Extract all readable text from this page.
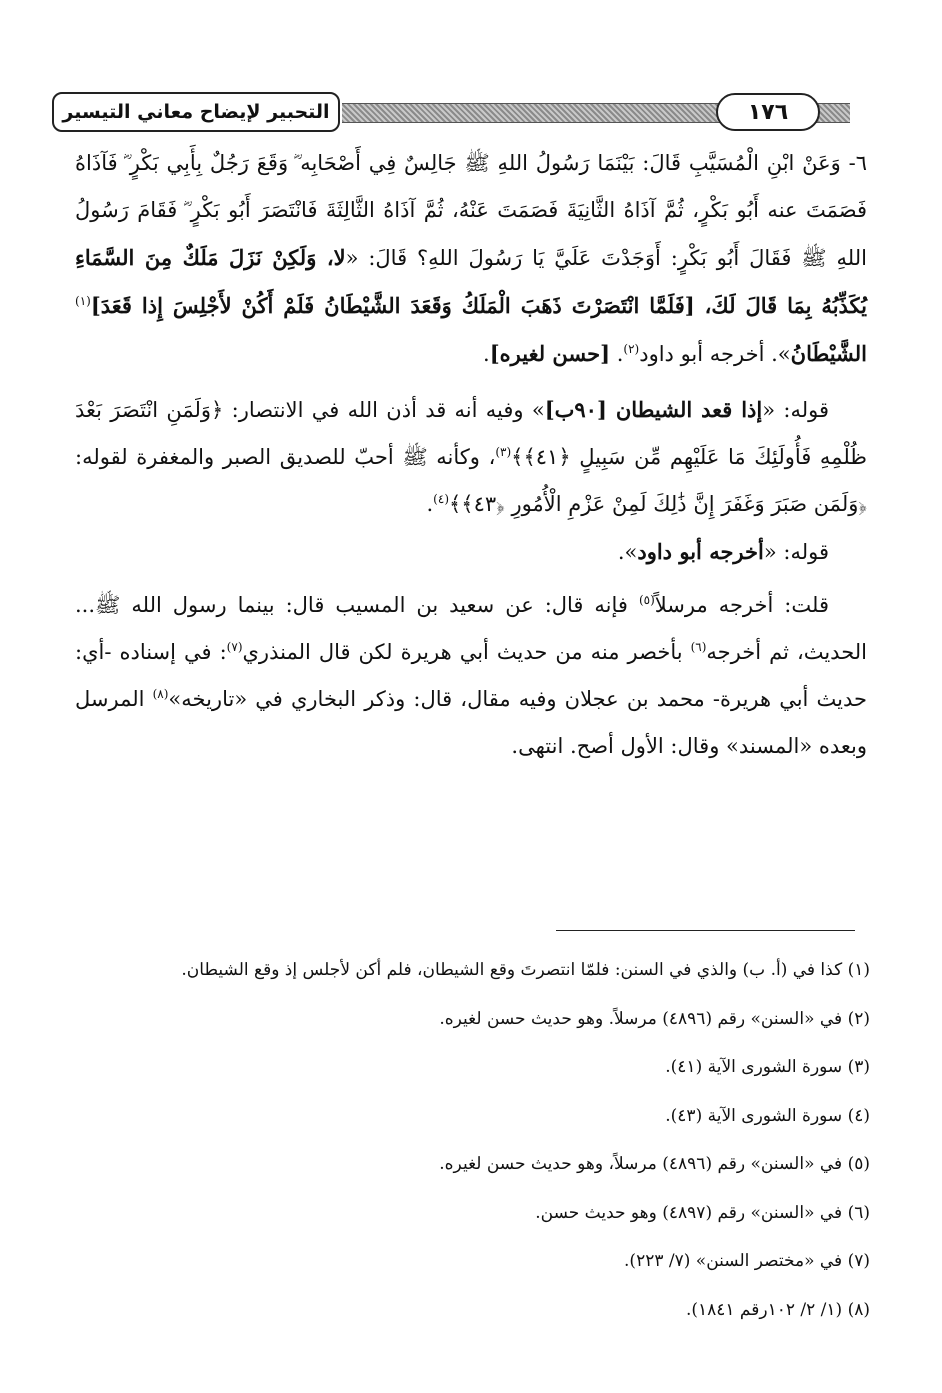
التحبير لإيضاح معاني التيسير	١٧٦

٦- وَعَنْ ابْنِ الْمُسَيَّبِ قَالَ: بَيْنَمَا رَسُولُ اللهِ ﷺ جَالِسٌ فِي أَصْحَابِه ؓ وَقَعَ رَجُلٌ بِأَبِي بَكْرٍ ؓ فَآذَاهُ فَصَمَتَ عنه أَبُو بَكْرٍ، ثُمَّ آذَاهُ الثَّانِيَةَ فَصَمَتَ عَنْهُ، ثُمَّ آذَاهُ الثَّالِثَةَ فَانْتَصَرَ أَبُو بَكْرٍ ؓ فَقَامَ رَسُولُ اللهِ ﷺ فَقَالَ أَبُو بَكْرٍ: أَوَجَدْتَ عَلَيَّ يَا رَسُولَ اللهِ؟ قَالَ: «لا، وَلَكِنْ نَزَلَ مَلَكٌ مِنَ السَّمَاءِ يُكَذِّبُهُ بِمَا قَالَ لَكَ، [فَلَمَّا انْتَصَرْتَ ذَهَبَ الْمَلَكُ وَقَعَدَ الشَّيْطَانُ فَلَمْ أَكُنْ لأَجْلِسَ إِذا قَعَدَ]$^{(١)}$ الشَّيْطَانُ». أخرجه أبو داود$^{(٢)}$. [حسن لغيره].

قوله: «إذا قعد الشيطان [٩٠ب]» وفيه أنه قد أذن الله في الانتصار: ﴿وَلَمَنِ انْتَصَرَ بَعْدَ ظُلْمِهِ فَأُولَئِكَ مَا عَلَيْهِم مِّن سَبِيلٍ ﴿٤١﴾﴾$^{(٣)}$، وكأنه ﷺ أحبّ للصديق الصبر والمغفرة لقوله: ﴿وَلَمَن صَبَرَ وَغَفَرَ إِنَّ ذَٰلِكَ لَمِنْ عَزْمِ الْأُمُورِ ﴿٤٣﴾﴾$^{(٤)}$.

قوله: «أخرجه أبو داود».

قلت: أخرجه مرسلاً$^{(٥)}$ فإنه قال: عن سعيد بن المسيب قال: بينما رسول الله ﷺ... الحديث، ثم أخرجه$^{(٦)}$ بأخصر منه من حديث أبي هريرة لكن قال المنذري$^{(٧)}$: في إسناده -أي: حديث أبي هريرة- محمد بن عجلان وفيه مقال، قال: وذكر البخاري في «تاريخه»$^{(٨)}$ المرسل وبعده «المسند» وقال: الأول أصح. انتهى.

(١) كذا في (أ. ب) والذي في السنن: فلمّا انتصرتَ وقع الشيطان، فلم أكن لأجلس إذ وقع الشيطان.

(٢) في «السنن» رقم (٤٨٩٦) مرسلاً. وهو حديث حسن لغيره.

(٣) سورة الشورى الآية (٤١).

(٤) سورة الشورى الآية (٤٣).

(٥) في «السنن» رقم (٤٨٩٦) مرسلاً، وهو حديث حسن لغيره.

(٦) في «السنن» رقم (٤٨٩٧) وهو حديث حسن.

(٧) في «مختصر السنن» (٧/ ٢٢٣).

(٨) (١/ ٢/ ١٠٢رقم ١٨٤١).
